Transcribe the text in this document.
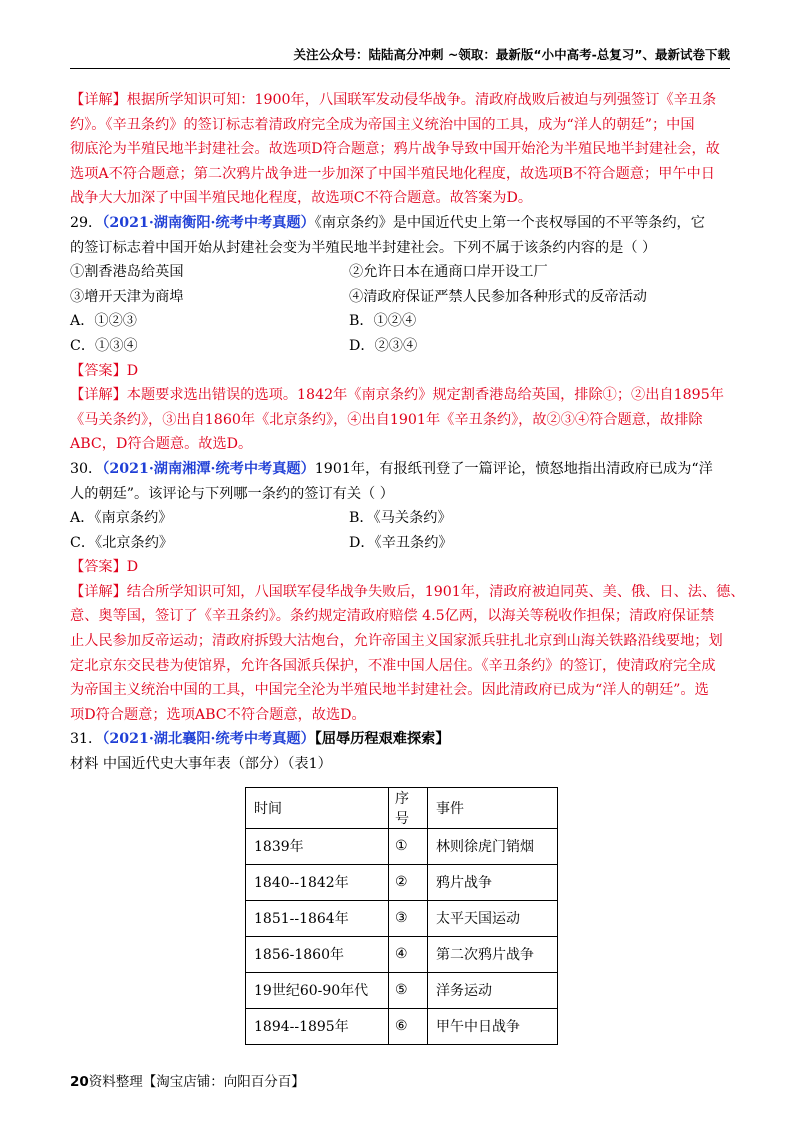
关注公众号：陆陆高分冲刺 ~领取：最新版“小中高考-总复习”、最新试卷下载
【详解】根据所学知识可知：1900年，八国联军发动侵华战争。清政府战败后被迫与列强签订《辛丑条
约》。《辛丑条约》的签订标志着清政府完全成为帝国主义统治中国的工具，成为“洋人的朝廷”；中国
彻底沦为半殖民地半封建社会。故选项D符合题意；鸦片战争导致中国开始沦为半殖民地半封建社会，故
选项A不符合题意；第二次鸦片战争进一步加深了中国半殖民地化程度，故选项B不符合题意；甲午中日
战争大大加深了中国半殖民地化程度，故选项C不符合题意。故答案为D。
29．（2021·湖南衡阳·统考中考真题）《南京条约》是中国近代史上第一个丧权辱国的不平等条约，它
的签订标志着中国开始从封建社会变为半殖民地半封建社会。下列不属于该条约内容的是（ ）
①割香港岛给英国	②允许日本在通商口岸开设工厂
③增开天津为商埠	④清政府保证严禁人民参加各种形式的反帝活动
A．①②③	B．①②④
C．①③④	D．②③④
【答案】D
【详解】本题要求选出错误的选项。1842年《南京条约》规定割香港岛给英国，排除①；②出自1895年
《马关条约》，③出自1860年《北京条约》，④出自1901年《辛丑条约》，故②③④符合题意，故排除
ABC，D符合题意。故选D。
30．（2021·湖南湘潭·统考中考真题）1901年，有报纸刊登了一篇评论，愤怒地指出清政府已成为“洋
人的朝廷”。该评论与下列哪一条约的签订有关（ ）
A．《南京条约》	B．《马关条约》
C．《北京条约》	D．《辛丑条约》
【答案】D
【详解】结合所学知识可知，八国联军侵华战争失败后，1901年，清政府被迫同英、美、俄、日、法、德、
意、奥等国，签订了《辛丑条约》。条约规定清政府赔偿 4.5亿两，以海关等税收作担保；清政府保证禁
止人民参加反帝运动；清政府拆毁大沽炮台，允许帝国主义国家派兵驻扎北京到山海关铁路沿线要地；划
定北京东交民巷为使馆界，允许各国派兵保护，不准中国人居住。《辛丑条约》的签订，使清政府完全成
为帝国主义统治中国的工具，中国完全沦为半殖民地半封建社会。因此清政府已成为“洋人的朝廷”。选
项D符合题意；选项ABC不符合题意，故选D。
31．（2021·湖北襄阳·统考中考真题）【屈辱历程艰难探索】
材料 中国近代史大事年表（部分）（表1）
时间	序号	事件
1839年	①	林则徐虎门销烟
1840--1842年	②	鸦片战争
1851--1864年	③	太平天国运动
1856-1860年	④	第二次鸦片战争
19世纪60-90年代	⑤	洋务运动
1894--1895年	⑥	甲午中日战争
20资料整理【淘宝店铺：向阳百分百】
